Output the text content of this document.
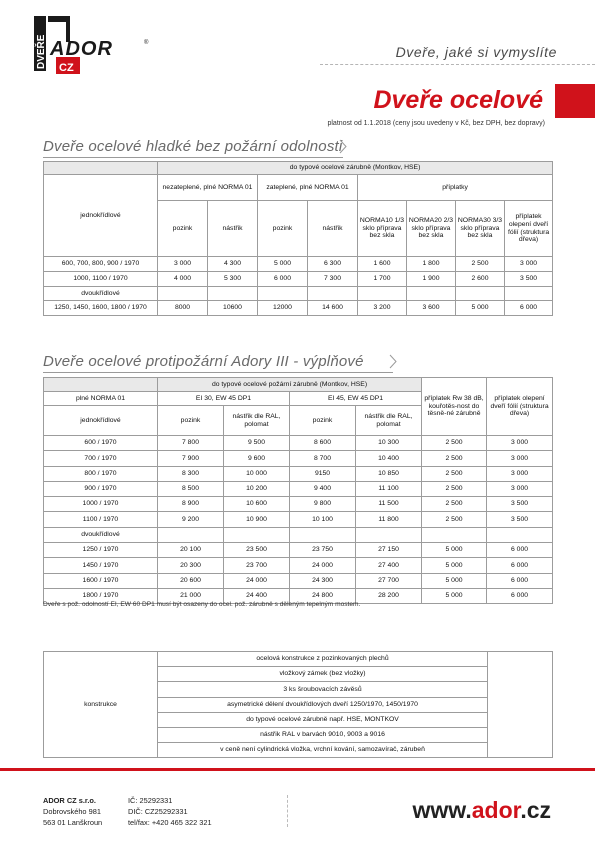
DVEŘE CZ
ADOR	®
Dveře, jaké si vymyslíte
Dveře ocelové
platnost od 1.1.2018 (ceny jsou uvedeny v Kč, bez DPH, bez dopravy)
Dveře ocelové hladké bez požární odolnosti
	do typové ocelové zárubně (Montkov, HSE)							
jednokřídlové	nezateplené, plné NORMA 01		zateplené, plné NORMA 01		příplatky			
	pozink	nástřik	pozink	nástřik	NORMA10 1/3 sklo příprava bez skla	NORMA20 2/3 sklo příprava bez skla	NORMA30 3/3 sklo příprava bez skla	příplatek olepení dveří fólií (struktura dřeva)
600, 700, 800, 900 / 1970	3 000	4 300	5 000	6 300	1 600	1 800	2 500	3 000
1000, 1100 / 1970	4 000	5 300	6 000	7 300	1 700	1 900	2 600	3 500
dvoukřídlové								
1250, 1450, 1600, 1800 / 1970	8000	10600	12000	14 600	3 200	3 600	5 000	6 000
Dveře ocelové protipožární Adory III - výplňové
	do typové ocelové požární zárubně (Montkov, HSE)				příplatek Rw 38 dB, kouřotěs-nost do těsně-né zárubně	příplatek olepení dveří fólií (struktura dřeva)
plné NORMA 01	EI 30, EW 45 DP1		EI 45, EW 45 DP1			
jednokřídlové	pozink	nástřik dle RAL, polomat	pozink	nástřik dle RAL, polomat		
600 / 1970	7 800	9 500	8 600	10 300	2 500	3 000
700 / 1970	7 900	9 600	8 700	10 400	2 500	3 000
800 / 1970	8 300	10 000	9150	10 850	2 500	3 000
900 / 1970	8 500	10 200	9 400	11 100	2 500	3 000
1000 / 1970	8 900	10 600	9 800	11 500	2 500	3 500
1100 / 1970	9 200	10 900	10 100	11 800	2 500	3 500
dvoukřídlové						
1250 / 1970	20 100	23 500	23 750	27 150	5 000	6 000
1450 / 1970	20 300	23 700	24 000	27 400	5 000	6 000
1600 / 1970	20 600	24 000	24 300	27 700	5 000	6 000
1800 / 1970	21 000	24 400	24 800	28 200	5 000	6 000
Dveře s pož. odolností EI, EW 60 DP1 musí být osazeny do ocel. pož. zárubně s děleným tepelným mostem.
konstrukce	ocelová konstrukce z pozinkovaných plechů	
vložkový zámek (bez vložky)
3 ks šroubovacích závěsů
asymetrické dělení dvoukřídlových dveří 1250/1970, 1450/1970
do typové ocelové zárubně např. HSE, MONTKOV
nástřik RAL v barvách 9010, 9003 a 9016
v ceně není cylindrická vložka, vrchní kování, samozavírač, zárubeň
ADOR CZ s.r.o.
Dobrovského 981
563 01 Lanškroun
IČ: 25292331
DIČ: CZ25292331
tel/fax: +420 465 322 321	www.ador.cz
